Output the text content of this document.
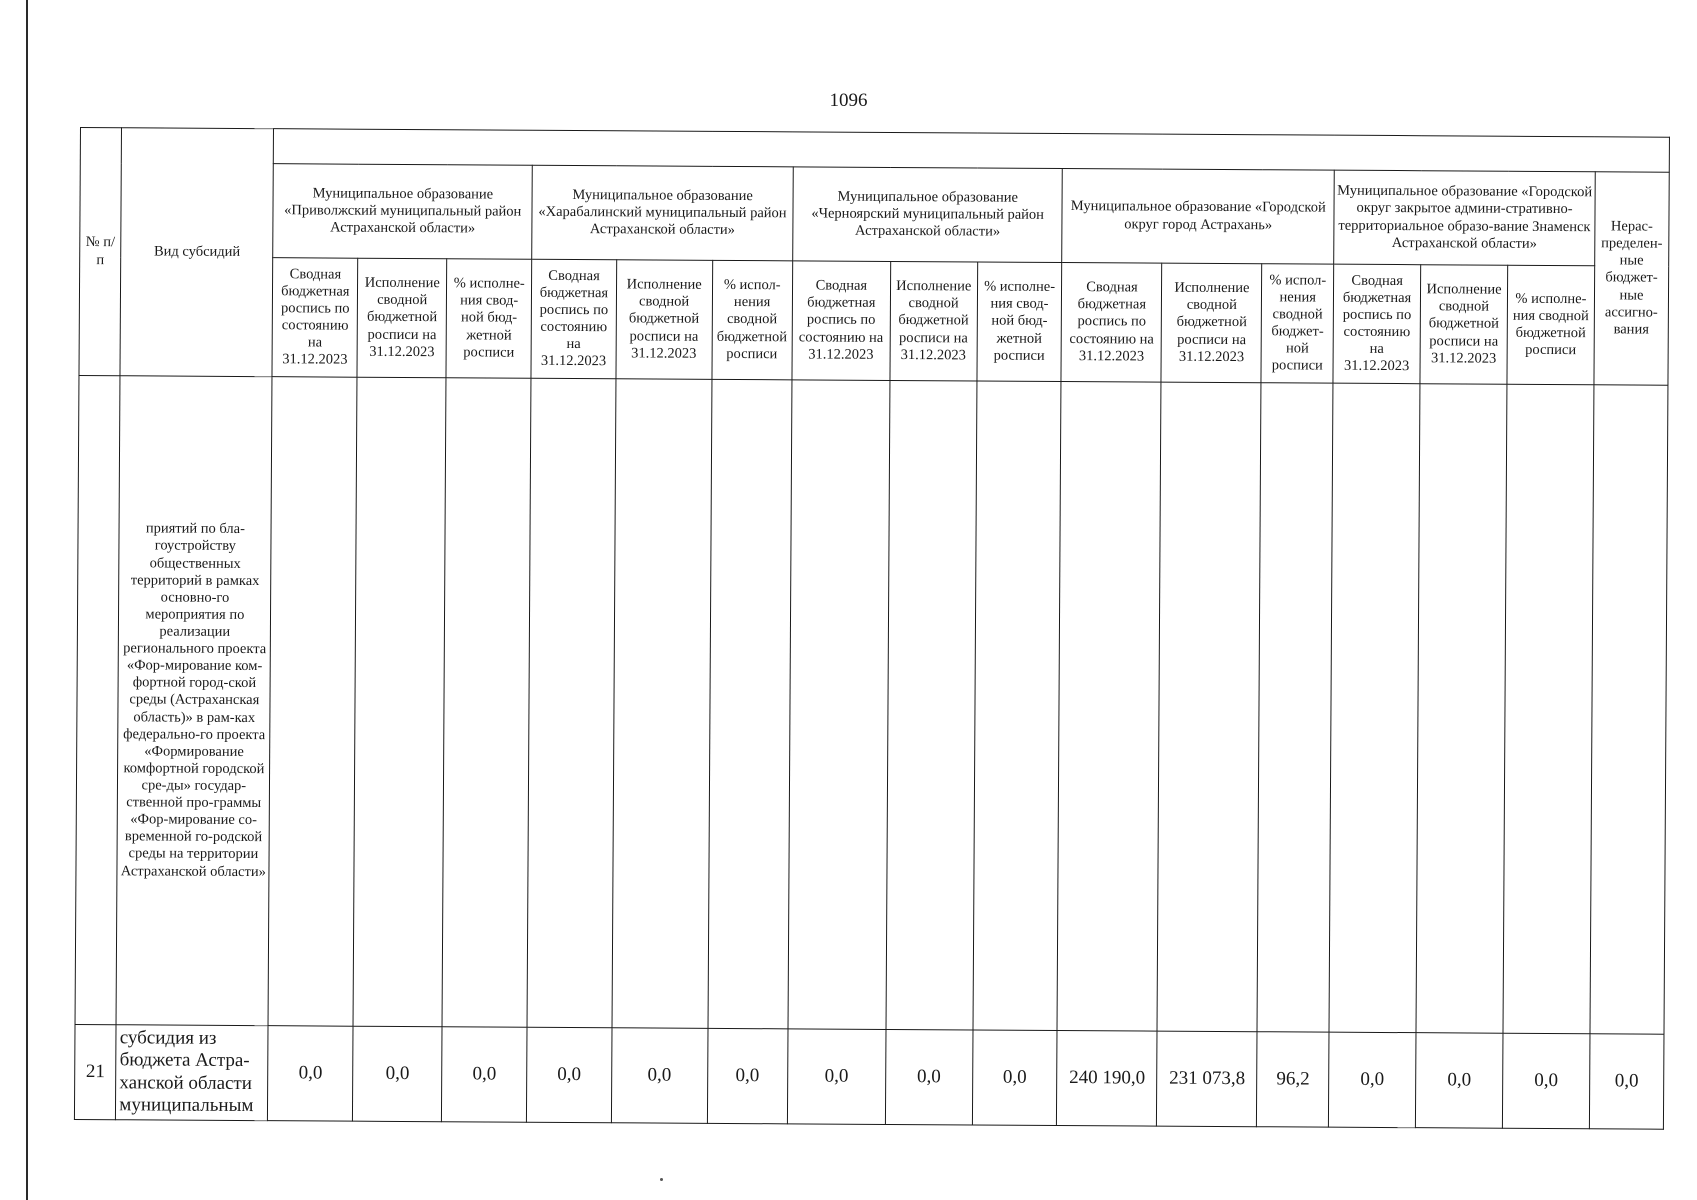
1096
№ п/п	Вид субсидий																
		Муниципальное образование «Приволжский муниципальный район Астраханской области»			Муниципальное образование «Харабалинский муниципальный район Астраханской области»			Муниципальное образование «Черноярский муниципальный район Астраханской области»			Муниципальное образование «Городской округ город Астрахань»			Муниципальное образование «Городской округ закрытое админи-стративно-территориальное образо-вание Знаменск Астраханской области»			Нерас-пределен-ные бюджет-ные ассигно-вания
		Сводная бюджетная роспись по состоянию на 31.12.2023	Исполнение сводной бюджетной росписи на 31.12.2023	% исполне-ния свод-ной бюд-жетной росписи	Сводная бюджетная роспись по состоянию на 31.12.2023	Исполнение сводной бюджетной росписи на 31.12.2023	% испол-нения сводной бюджетной росписи	Сводная бюджетная роспись по состоянию на 31.12.2023	Исполнение сводной бюджетной росписи на 31.12.2023	% исполне-ния свод-ной бюд-жетной росписи	Сводная бюджетная роспись по состоянию на 31.12.2023	Исполнение сводной бюджетной росписи на 31.12.2023	% испол-нения сводной бюджет-ной росписи	Сводная бюджетная роспись по состоянию на 31.12.2023	Исполнение сводной бюджетной росписи на 31.12.2023	% исполне-ния сводной бюджетной росписи	
	приятий по бла-гоустройству общественных территорий в рамках основно-го мероприятия по реализации регионального проекта «Фор-мирование ком-фортной город-ской среды (Астраханская область)» в рам-ках федерально-го проекта «Формирование комфортной городской сре-ды» государ-ственной про-граммы «Фор-мирование со-временной го-родской среды на территории Астраханской области»																
21	субсидия из бюджета Астра-ханской области муниципальным	0,0	0,0	0,0	0,0	0,0	0,0	0,0	0,0	0,0	240 190,0	231 073,8	96,2	0,0	0,0	0,0	0,0
